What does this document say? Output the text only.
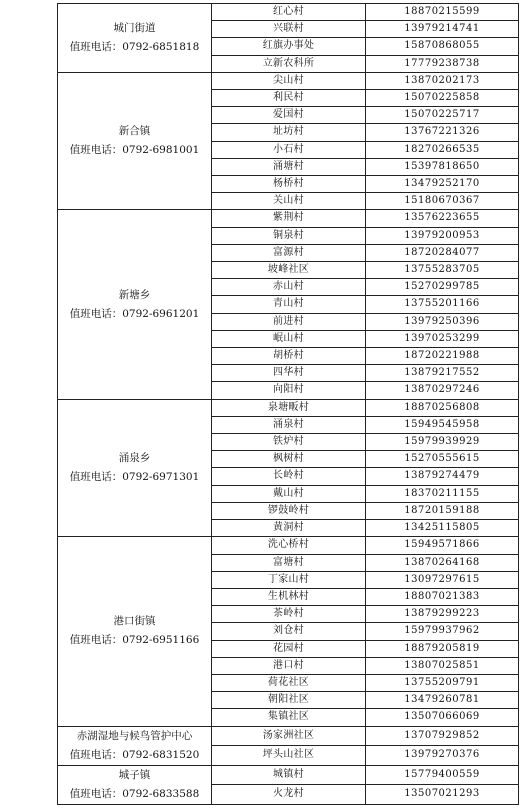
城门街道
值班电话：0792-6851818	红心村	18870215599
	兴联村	13979214741
	红旗办事处	15870868055
	立新农科所	17779238738

新合镇
值班电话：0792-6981001	尖山村	13870202173
	利民村	15070225858
	爱国村	15070225717
	址坊村	13767221326
	小石村	18270266535
	涌塘村	15397818650
	杨桥村	13479252170
	关山村	15180670367

新塘乡
值班电话：0792-6961201	紫荆村	13576223655
	铜泉村	13979200953
	富源村	18720284077
	坡峰社区	13755283705
	赤山村	15270299785
	青山村	13755201166
	前进村	13979250396
	岷山村	13970253299
	胡桥村	18720221988
	四华村	13879217552
	向阳村	13870297246

涌泉乡
值班电话：0792-6971301	泉塘畈村	18870256808
	涌泉村	15949545958
	铁炉村	15979939929
	枫树村	15270555615
	长岭村	13879274479
	戴山村	18370211155
	锣鼓岭村	18720159188
	黄洞村	13425115805

港口街镇
值班电话：0792-6951166	洗心桥村	15949571866
	富塘村	13870264168
	丁家山村	13097297615
	生机林村	18807021383
	茶岭村	13879299223
	刘仓村	15979937962
	花园村	18879205819
	港口村	13807025851
	荷花社区	13755209791
	朝阳社区	13479260781
	集镇社区	13507066069

赤湖湿地与候鸟管护中心
值班电话：0792-6831520	汤家洲社区	13707929852
	坪头山社区	13979270376

城子镇
值班电话：0792-6833588	城镇村	15779400559
	火龙村	13507021293
